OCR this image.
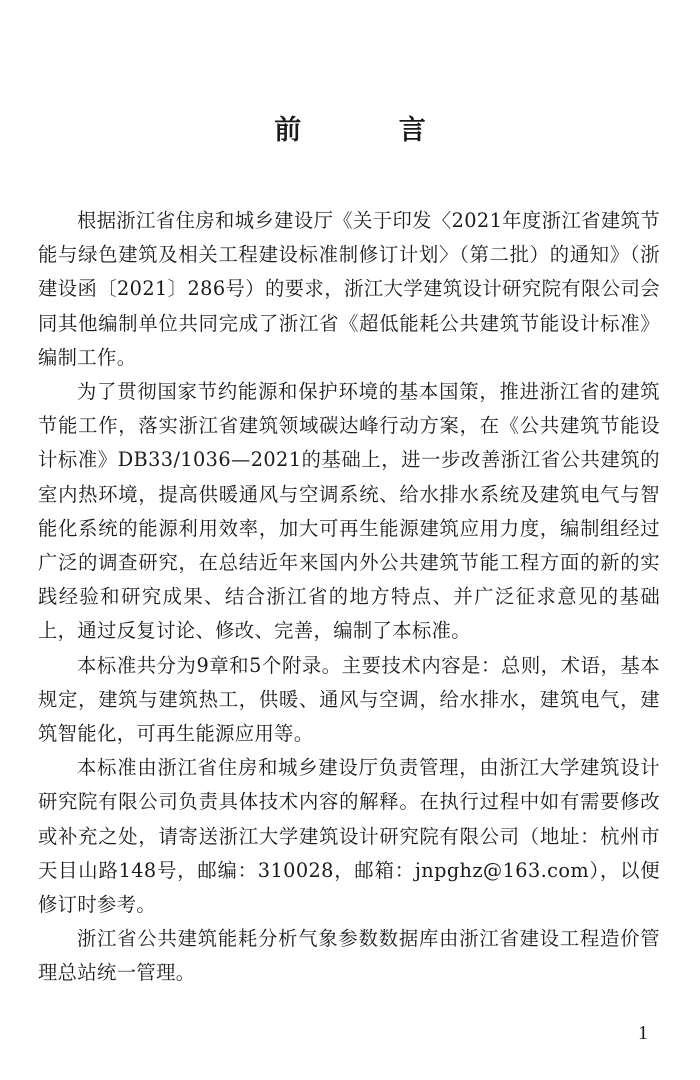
前 言

根据浙江省住房和城乡建设厅《关于印发〈2021年度浙江省建筑节能与绿色建筑及相关工程建设标准制修订计划〉（第二批）的通知》（浙建设函〔2021〕286号）的要求，浙江大学建筑设计研究院有限公司会同其他编制单位共同完成了浙江省《超低能耗公共建筑节能设计标准》编制工作。

为了贯彻国家节约能源和保护环境的基本国策，推进浙江省的建筑节能工作，落实浙江省建筑领域碳达峰行动方案，在《公共建筑节能设计标准》DB33/1036—2021的基础上，进一步改善浙江省公共建筑的室内热环境，提高供暖通风与空调系统、给水排水系统及建筑电气与智能化系统的能源利用效率，加大可再生能源建筑应用力度，编制组经过广泛的调查研究，在总结近年来国内外公共建筑节能工程方面的新的实践经验和研究成果、结合浙江省的地方特点、并广泛征求意见的基础上，通过反复讨论、修改、完善，编制了本标准。

本标准共分为9章和5个附录。主要技术内容是：总则，术语，基本规定，建筑与建筑热工，供暖、通风与空调，给水排水，建筑电气，建筑智能化，可再生能源应用等。

本标准由浙江省住房和城乡建设厅负责管理，由浙江大学建筑设计研究院有限公司负责具体技术内容的解释。在执行过程中如有需要修改或补充之处，请寄送浙江大学建筑设计研究院有限公司（地址：杭州市天目山路148号，邮编：310028，邮箱：jnpghz@163.com），以便修订时参考。

浙江省公共建筑能耗分析气象参数数据库由浙江省建设工程造价管理总站统一管理。

1
